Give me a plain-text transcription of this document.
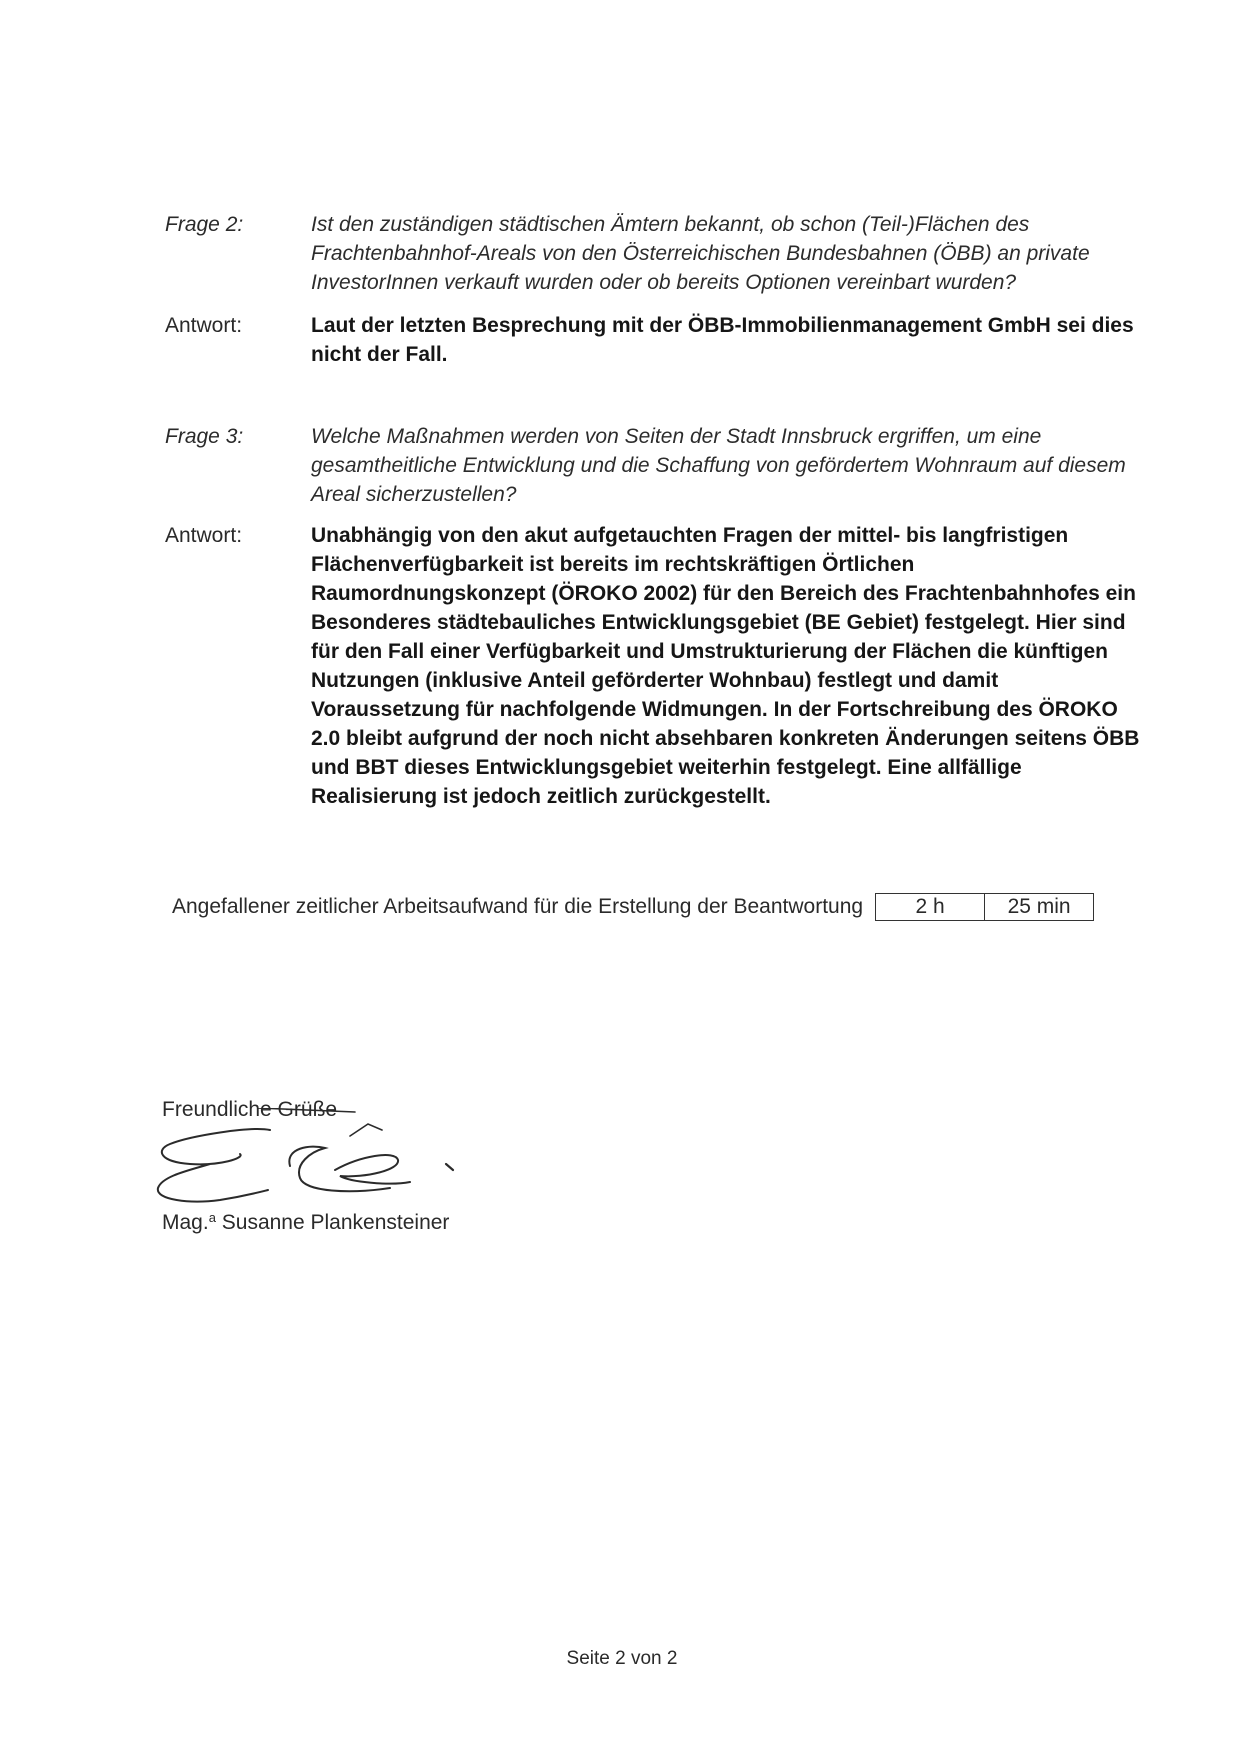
Frage 2:	Ist den zuständigen städtischen Ämtern bekannt, ob schon (Teil-)Flächen des Frachtenbahnhof-Areals von den Österreichischen Bundesbahnen (ÖBB) an private InvestorInnen verkauft wurden oder ob bereits Optionen vereinbart wurden?

Antwort:	Laut der letzten Besprechung mit der ÖBB-Immobilienmanagement GmbH sei dies nicht der Fall.

Frage 3:	Welche Maßnahmen werden von Seiten der Stadt Innsbruck ergriffen, um eine gesamtheitliche Entwicklung und die Schaffung von gefördertem Wohnraum auf diesem Areal sicherzustellen?

Antwort:	Unabhängig von den akut aufgetauchten Fragen der mittel- bis langfristigen Flächenverfügbarkeit ist bereits im rechtskräftigen Örtlichen Raumordnungskonzept (ÖROKO 2002) für den Bereich des Frachtenbahnhofes ein Besonderes städtebauliches Entwicklungsgebiet (BE Gebiet) festgelegt. Hier sind für den Fall einer Verfügbarkeit und Umstrukturierung der Flächen die künftigen Nutzungen (inklusive Anteil geförderter Wohnbau) festlegt und damit Voraussetzung für nachfolgende Widmungen. In der Fortschreibung des ÖROKO 2.0 bleibt aufgrund der noch nicht absehbaren konkreten Änderungen seitens ÖBB und BBT dieses Entwicklungsgebiet weiterhin festgelegt. Eine allfällige Realisierung ist jedoch zeitlich zurückgestellt.

Angefallener zeitlicher Arbeitsaufwand für die Erstellung der Beantwortung	2 h	25 min
Freundliche Grüße
Mag.$^a$ Susanne Plankensteiner
Seite 2 von 2
